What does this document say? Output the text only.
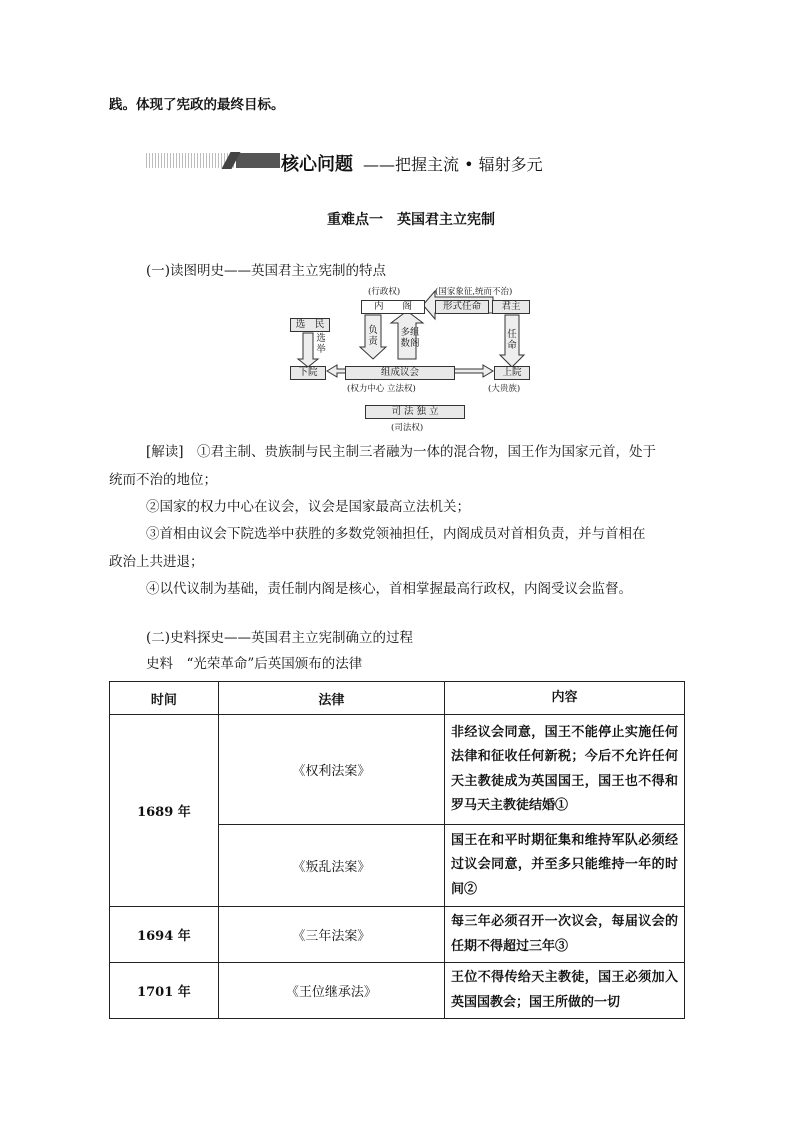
践。体现了宪政的最终目标。
核心问题 ——把握主流 • 辐射多元
重难点一　英国君主立宪制
(一)读图明史——英国君主立宪制的特点
(行政权)	(国家象征,统而不治)
内　　阁	形式任命	君主
选　民
选举
负责
多组数阁
任命
下院	组成议会	上院
(权力中心 立法权)	(大贵族)
司 法 独 立
(司法权)
[解读]　①君主制、贵族制与民主制三者融为一体的混合物，国王作为国家元首，处于
统而不治的地位；
②国家的权力中心在议会，议会是国家最高立法机关；
③首相由议会下院选举中获胜的多数党领袖担任，内阁成员对首相负责，并与首相在
政治上共进退；
④以代议制为基础，责任制内阁是核心，首相掌握最高行政权，内阁受议会监督。
(二)史料探史——英国君主立宪制确立的过程
史料　“光荣革命”后英国颁布的法律
时间	法律	内容
1689 年	《权利法案》	非经议会同意，国王不能停止实施任何法律和征收任何新税；今后不允许任何天主教徒成为英国国王，国王也不得和罗马天主教徒结婚①
	《叛乱法案》	国王在和平时期征集和维持军队必须经过议会同意，并至多只能维持一年的时间②
1694 年	《三年法案》	每三年必须召开一次议会，每届议会的任期不得超过三年③
1701 年	《王位继承法》	王位不得传给天主教徒，国王必须加入英国国教会；国王所做的一切
